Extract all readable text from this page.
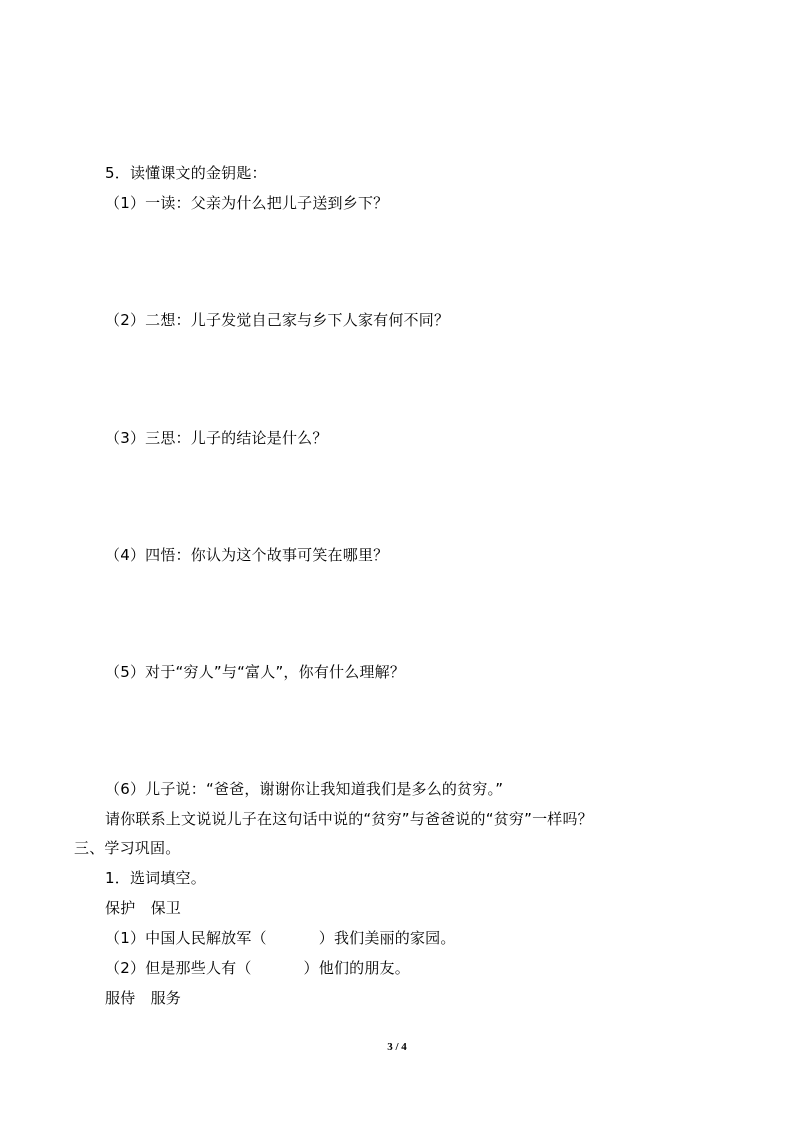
5．读懂课文的金钥匙：
（1）一读：父亲为什么把儿子送到乡下？
（2）二想：儿子发觉自己家与乡下人家有何不同？
（3）三思：儿子的结论是什么？
（4）四悟：你认为这个故事可笑在哪里？
（5）对于“穷人”与“富人”，你有什么理解？
（6）儿子说：“爸爸，谢谢你让我知道我们是多么的贫穷。”
请你联系上文说说儿子在这句话中说的“贫穷”与爸爸说的“贫穷”一样吗？
三、学习巩固。
1．选词填空。
保护　保卫
（1）中国人民解放军（	）我们美丽的家园。
（2）但是那些人有（	）他们的朋友。
服侍　服务
3 / 4
